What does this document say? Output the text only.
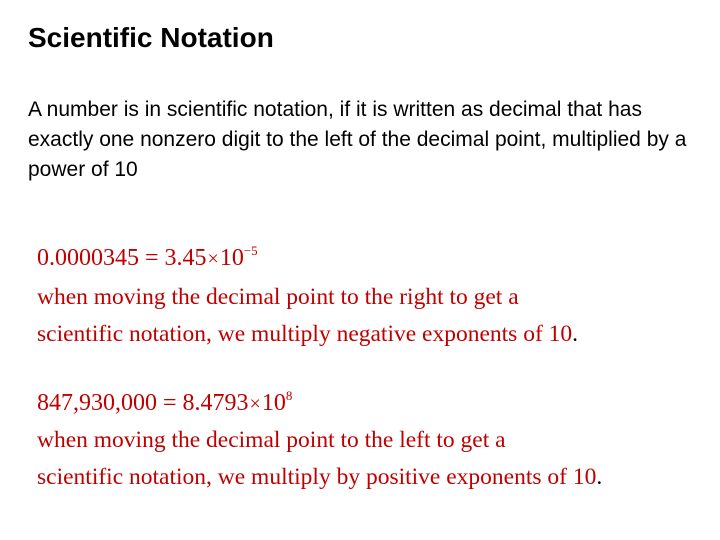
Scientific Notation
A number is in scientific notation, if it is written as decimal that has exactly one nonzero digit to the left of the decimal point, multiplied by a power of 10
$0.0000345 = 3.45\times 10^{-5}$
when moving the decimal point to the right to get a
scientific notation, we multiply negative exponents of 10.
$847,930,000 = 8.4793\times 10^8$
when moving the decimal point to the left to get a
scientific notation, we multiply by positive exponents of 10.
